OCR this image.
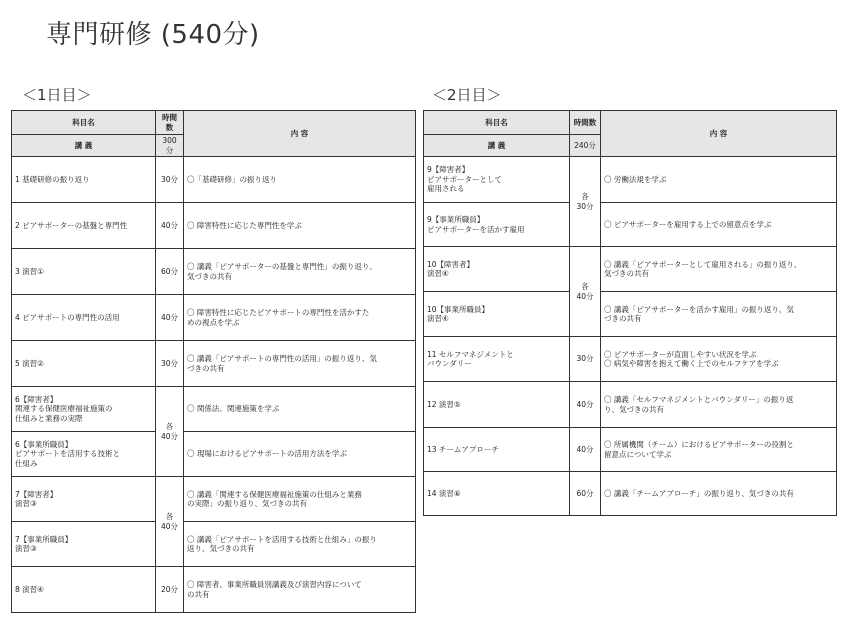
専門研修 (540分)
＜1日目＞	＜2日目＞
科目名	時間数	内 容
講 義	300分	
1 基礎研修の振り返り	30分	〇「基礎研修」の振り返り
2 ピアサポーターの基盤と専門性	40分	〇 障害特性に応じた専門性を学ぶ
3 演習①	60分	〇 講義「ピアサポーターの基盤と専門性」の振り返り、
気づきの共有
4 ピアサポートの専門性の活用	40分	〇 障害特性に応じたピアサポートの専門性を活かすた
めの視点を学ぶ
5 演習②	30分	〇 講義「ピアサポートの専門性の活用」の振り返り、気
づきの共有
6【障害者】
関連する保健医療福祉施策の
仕組みと業務の実際	各
40分	〇 関係法、関連施策を学ぶ
6【事業所職員】
ピアサポートを活用する技術と
仕組み		〇 現場におけるピアサポートの活用方法を学ぶ
7【障害者】
演習③	各
40分	〇 講義「関連する保健医療福祉施策の仕組みと業務
の実際」の振り返り、気づきの共有
7【事業所職員】
演習③		〇 講義「ピアサポートを活用する技術と仕組み」の振り
返り、気づきの共有
8 演習④	20分	〇 障害者、事業所職員別講義及び演習内容について
の共有
科目名	時間数	内 容
講 義	240分	
9【障害者】
ピアサポーターとして
雇用される	各
30分	〇 労働法規を学ぶ
9【事業所職員】
ピアサポーターを活かす雇用		〇 ピアサポーターを雇用する上での留意点を学ぶ
10【障害者】
演習④	各
40分	〇 講義「ピアサポーターとして雇用される」の振り返り、
気づきの共有
10【事業所職員】
演習④		〇 講義「ピアサポーターを活かす雇用」の振り返り、気
づきの共有
11 セルフマネジメントと
バウンダリー	30分	〇 ピアサポーターが直面しやすい状況を学ぶ
〇 病気や障害を抱えて働く上でのセルフケアを学ぶ
12 演習⑤	40分	〇 講義「セルフマネジメントとバウンダリー」の振り返
り、気づきの共有
13 チームアプローチ	40分	〇 所属機関（チーム）におけるピアサポーターの役割と
留意点について学ぶ
14 演習⑥	60分	〇 講義「チームアプローチ」の振り返り、気づきの共有
